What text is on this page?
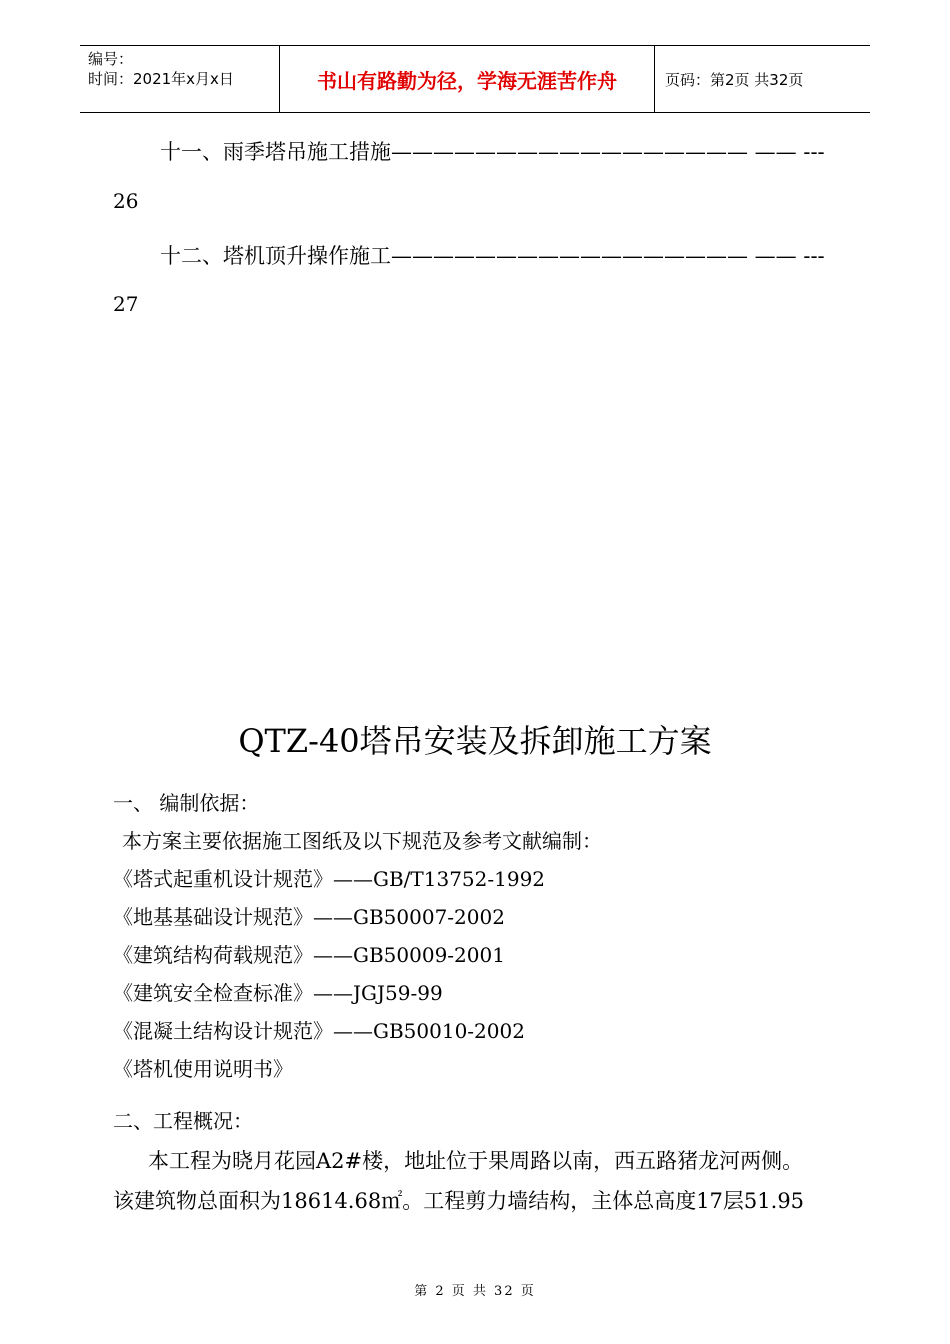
编号：
时间：2021年x月x日	书山有路勤为径，学海无涯苦作舟	页码：第2页 共32页
十一、雨季塔吊施工措施————————————————— —— ---
26
十二、塔机顶升操作施工————————————————— —— ---
27
QTZ-40塔吊安装及拆卸施工方案
一、 编制依据：
本方案主要依据施工图纸及以下规范及参考文献编制：
《塔式起重机设计规范》——GB/T13752-1992
《地基基础设计规范》——GB50007-2002
《建筑结构荷载规范》——GB50009-2001
《建筑安全检查标准》——JGJ59-99
《混凝土结构设计规范》——GB50010-2002
《塔机使用说明书》
二、工程概况：
本工程为晓月花园A2#楼，地址位于果周路以南，西五路猪龙河两侧。
该建筑物总面积为18614.68㎡。工程剪力墙结构，主体总高度17层51.95
第 2 页 共 32 页
